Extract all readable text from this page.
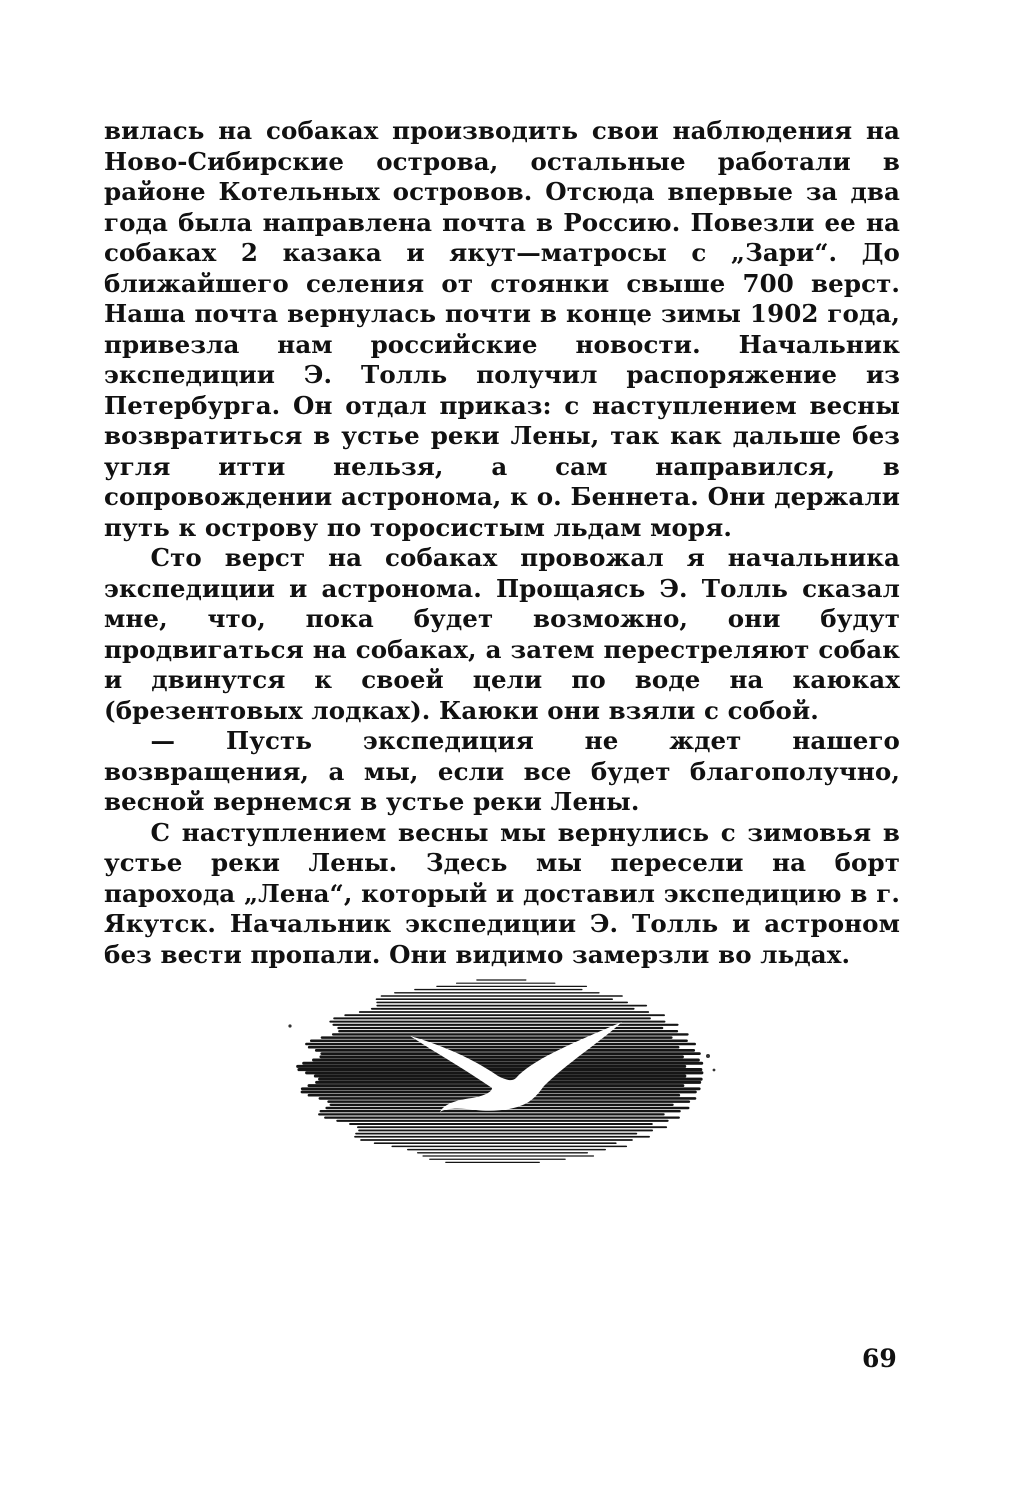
вилась на собаках производить свои наблюдения на Ново-Сибирские острова, остальные работали в районе Котельных островов. Отсюда впервые за два года была направлена почта в Россию. Повезли ее на собаках 2 казака и якут—матросы с „Зари“. До ближайшего селения от стоянки свыше 700 верст. Наша почта вернулась почти в конце зимы 1902 года, привезла нам российские новости. Начальник экспедиции Э. Толль получил распоряжение из Петербурга. Он отдал приказ: с наступлением весны возвратиться в устье реки Лены, так как дальше без угля итти нельзя, а сам направился, в сопровождении астронома, к о. Беннета. Они держали путь к острову по торосистым льдам моря.

Сто верст на собаках провожал я начальника экспедиции и астронома. Прощаясь Э. Толль сказал мне, что, пока будет возможно, они будут продвигаться на собаках, а затем перестреляют собак и двинутся к своей цели по воде на каюках (брезентовых лодках). Каюки они взяли с собой.

— Пусть экспедиция не ждет нашего возвращения, а мы, если все будет благополучно, весной вернемся в устье реки Лены.

С наступлением весны мы вернулись с зимовья в устье реки Лены. Здесь мы пересели на борт парохода „Лена“, который и доставил экспедицию в г. Якутск. Начальник экспедиции Э. Толль и астроном без вести пропали. Они видимо замерзли во льдах.

69
